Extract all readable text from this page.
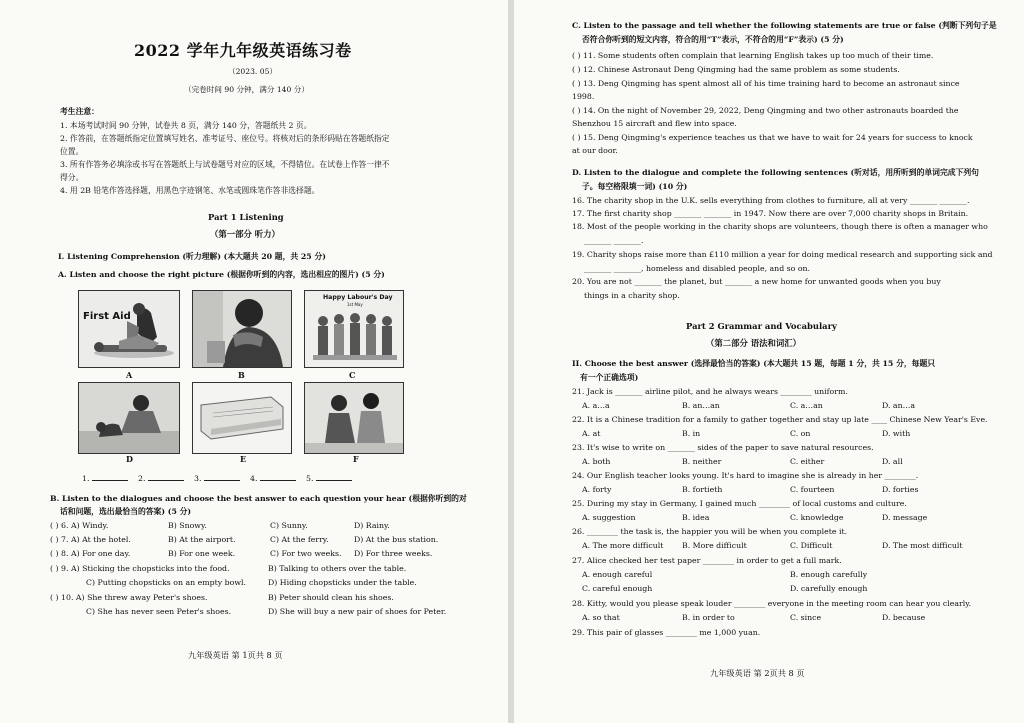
2022 学年九年级英语练习卷
（2023. 05）
（完卷时间 90 分钟，满分 140 分）
考生注意：
1. 本场考试时间 90 分钟，试卷共 8 页，满分 140 分，答题纸共 2 页。
2. 作答前，在答题纸指定位置填写姓名、准考证号、座位号。将核对后的条形码贴在答题纸指定
位置。
3. 所有作答务必填涂或书写在答题纸上与试卷题号对应的区域，不得错位。在试卷上作答一律不
得分。
4. 用 2B 铅笔作答选择题，用黑色字迹钢笔、水笔或圆珠笔作答非选择题。
Part 1 Listening
（第一部分 听力）
I. Listening Comprehension (听力理解) (本大题共 20 题，共 25 分)
A. Listen and choose the right picture (根据你听到的内容，选出相应的图片) (5 分)
First Aid
A	B
Happy Labour's Day
1st May
C
D	E	F
1.	2.	3.	4.	5.
B. Listen to the dialogues and choose the best answer to each question your hear (根据你听到的对
话和问题，选出最恰当的答案) (5 分)
( ) 6. A) Windy.	B) Snowy.	C) Sunny.	D) Rainy.
( ) 7. A) At the hotel.	B) At the airport.	C) At the ferry.	D) At the bus station.
( ) 8. A) For one day.	B) For one week.	C) For two weeks. D) For three weeks.
( ) 9. A) Sticking the chopsticks into the food.	B) Talking to others over the table.
C) Putting chopsticks on an empty bowl.	D) Hiding chopsticks under the table.
( ) 10. A) She threw away Peter's shoes.	B) Peter should clean his shoes.
C) She has never seen Peter's shoes.	D) She will buy a new pair of shoes for Peter.
九年级英语 第 1页共 8 页
C. Listen to the passage and tell whether the following statements are true or false (判断下列句子是
否符合你听到的短文内容，符合的用“T”表示，不符合的用“F”表示) (5 分)
( ) 11. Some students often complain that learning English takes up too much of their time.
( ) 12. Chinese Astronaut Deng Qingming had the same problem as some students.
( ) 13. Deng Qingming has spent almost all of his time training hard to become an astronaut since
1998.
( ) 14. On the night of November 29, 2022, Deng Qingming and two other astronauts boarded the
Shenzhou 15 aircraft and flew into space.
( ) 15. Deng Qingming's experience teaches us that we have to wait for 24 years for success to knock
at our door.
D. Listen to the dialogue and complete the following sentences (听对话，用所听到的单词完成下列句
子。每空格限填一词) (10 分)
16. The charity shop in the U.K. sells everything from clothes to furniture, all at very _______ _______.
17. The first charity shop _______ _______ in 1947. Now there are over 7,000 charity shops in Britain.
18. Most of the people working in the charity shops are volunteers, though there is often a manager who
_______ _______.
19. Charity shops raise more than £110 million a year for doing medical research and supporting sick and
_______ _______, homeless and disabled people, and so on.
20. You are not _______ the planet, but _______ a new home for unwanted goods when you buy
things in a charity shop.
Part 2 Grammar and Vocabulary
（第二部分 语法和词汇）
II. Choose the best answer (选择最恰当的答案) (本大题共 15 题，每题 1 分，共 15 分，每题只
有一个正确选项)
21. Jack is _______ airline pilot, and he always wears ________ uniform.
A. a…a	B. an…an	C. a…an	D. an…a
22. It is a Chinese tradition for a family to gather together and stay up late ____ Chinese New Year's Eve.
A. at	B. in	C. on	D. with
23. It's wise to write on _______ sides of the paper to save natural resources.
A. both	B. neither	C. either	D. all
24. Our English teacher looks young. It's hard to imagine she is already in her ________.
A. forty	B. fortieth	C. fourteen	D. forties
25. During my stay in Germany, I gained much ________ of local customs and culture.
A. suggestion	B. idea	C. knowledge	D. message
26. ________ the task is, the happier you will be when you complete it.
A. The more difficult B. More difficult	C. Difficult	D. The most difficult
27. Alice checked her test paper ________ in order to get a full mark.
A. enough careful	B. enough carefully
C. careful enough	D. carefully enough
28. Kitty, would you please speak louder ________ everyone in the meeting room can hear you clearly.
A. so that	B. in order to	C. since	D. because
29. This pair of glasses ________ me 1,000 yuan.
九年级英语 第 2页共 8 页
